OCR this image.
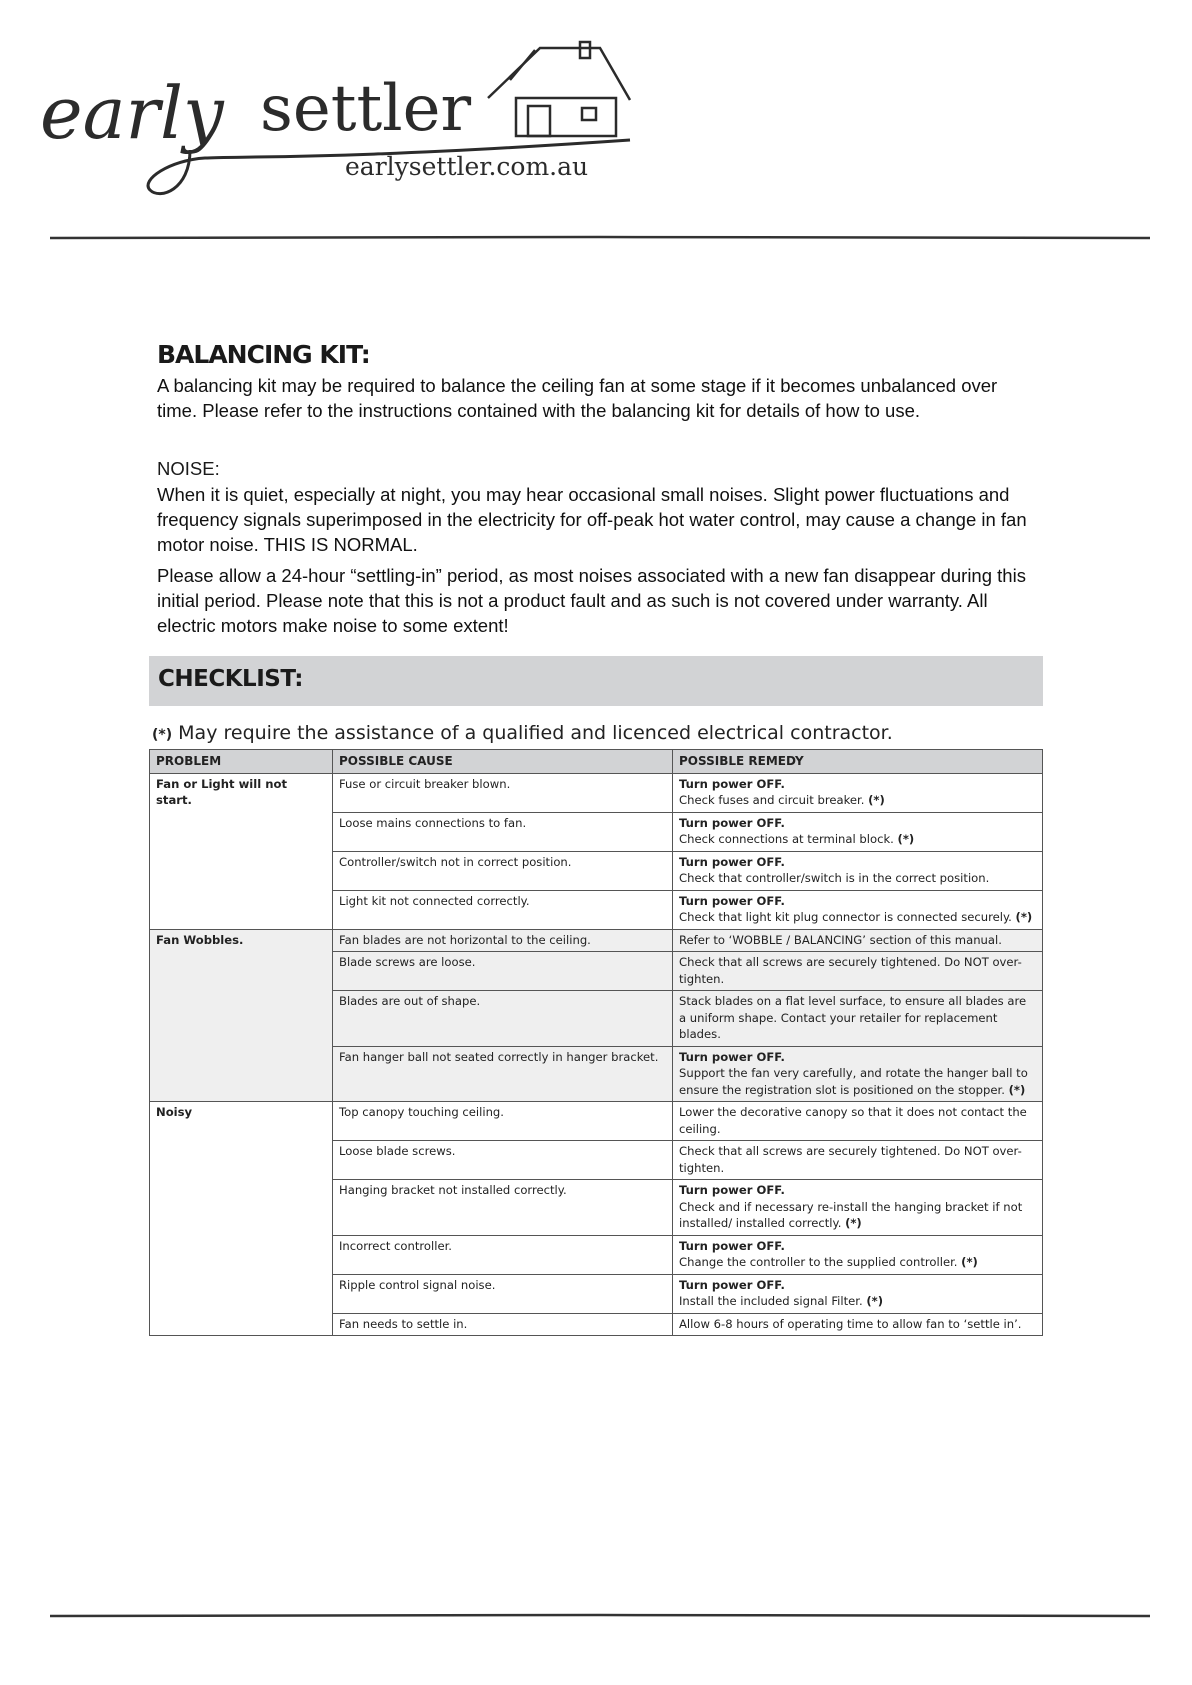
early settler
earlysettler.com.au
BALANCING KIT:

A balancing kit may be required to balance the ceiling fan at some stage if it becomes unbalanced over time. Please refer to the instructions contained with the balancing kit for details of how to use.

NOISE:

When it is quiet, especially at night, you may hear occasional small noises. Slight power fluctuations and frequency signals superimposed in the electricity for off-peak hot water control, may cause a change in fan motor noise. THIS IS NORMAL.

Please allow a 24-hour “settling-in” period, as most noises associated with a new fan disappear during this initial period. Please note that this is not a product fault and as such is not covered under warranty. All electric motors make noise to some extent!

CHECKLIST:
(*) May require the assistance of a qualified and licenced electrical contractor.
PROBLEM	POSSIBLE CAUSE	POSSIBLE REMEDY
Fan or Light will not start.	Fuse or circuit breaker blown.	Turn power OFF.
Check fuses and circuit breaker. (*)
	Loose mains connections to fan.	Turn power OFF.
Check connections at terminal block. (*)
	Controller/switch not in correct position.	Turn power OFF.
Check that controller/switch is in the correct position.
	Light kit not connected correctly.	Turn power OFF.
Check that light kit plug connector is connected securely. (*)
Fan Wobbles.	Fan blades are not horizontal to the ceiling.	Refer to ‘WOBBLE / BALANCING’ section of this manual.
	Blade screws are loose.	Check that all screws are securely tightened. Do NOT over-tighten.
	Blades are out of shape.	Stack blades on a flat level surface, to ensure all blades are a uniform shape. Contact your retailer for replacement blades.
	Fan hanger ball not seated correctly in hanger bracket.	Turn power OFF.
Support the fan very carefully, and rotate the hanger ball to ensure the registration slot is positioned on the stopper. (*)
Noisy	Top canopy touching ceiling.	Lower the decorative canopy so that it does not contact the ceiling.
	Loose blade screws.	Check that all screws are securely tightened. Do NOT over-tighten.
	Hanging bracket not installed correctly.	Turn power OFF.
Check and if necessary re-install the hanging bracket if not installed/ installed correctly. (*)
	Incorrect controller.	Turn power OFF.
Change the controller to the supplied controller. (*)
	Ripple control signal noise.	Turn power OFF.
Install the included signal Filter. (*)
	Fan needs to settle in.	Allow 6-8 hours of operating time to allow fan to ‘settle in’.
